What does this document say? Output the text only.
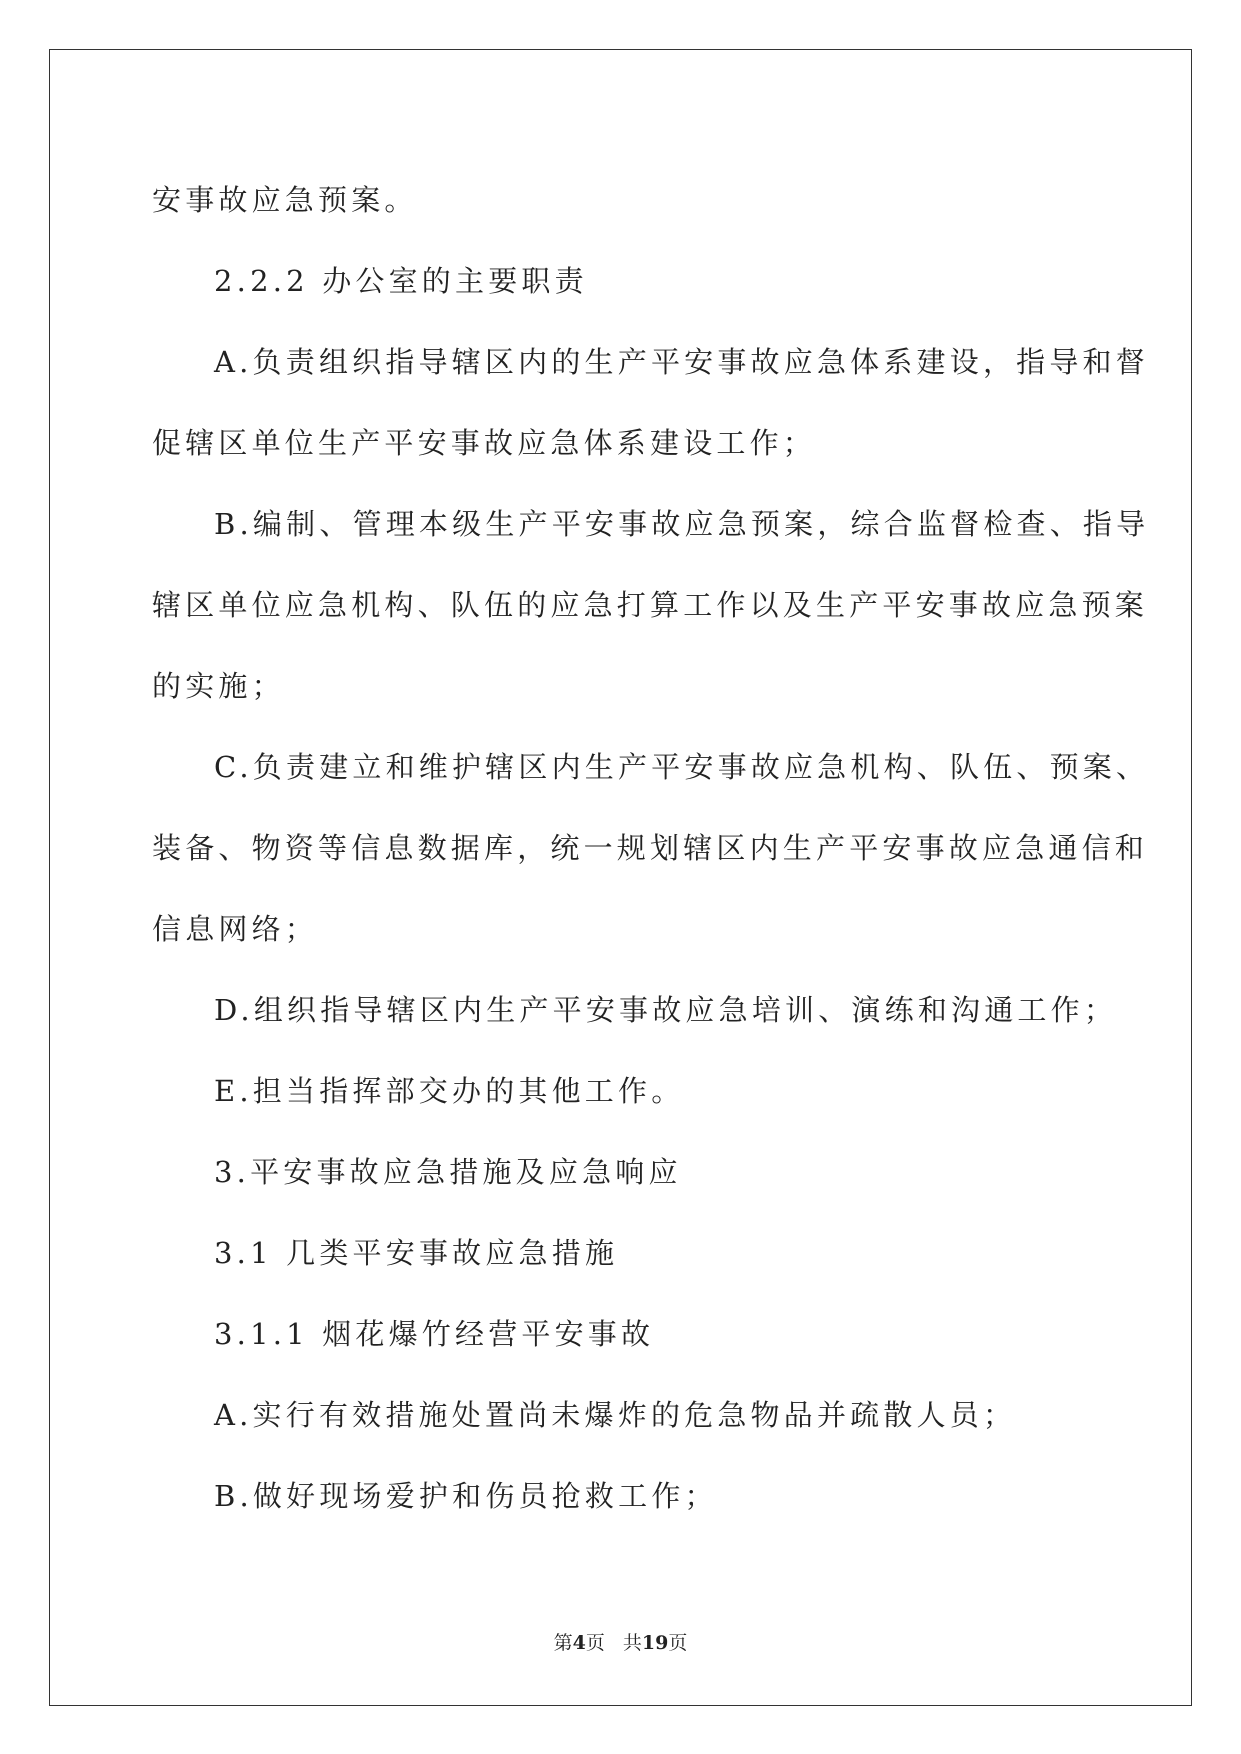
安事故应急预案。

2.2.2 办公室的主要职责

A.负责组织指导辖区内的生产平安事故应急体系建设，指导和督

促辖区单位生产平安事故应急体系建设工作；

B.编制、管理本级生产平安事故应急预案，综合监督检查、指导

辖区单位应急机构、队伍的应急打算工作以及生产平安事故应急预案

的实施；

C.负责建立和维护辖区内生产平安事故应急机构、队伍、预案、

装备、物资等信息数据库，统一规划辖区内生产平安事故应急通信和

信息网络；

D.组织指导辖区内生产平安事故应急培训、演练和沟通工作；

E.担当指挥部交办的其他工作。

3.平安事故应急措施及应急响应

3.1 几类平安事故应急措施

3.1.1 烟花爆竹经营平安事故

A.实行有效措施处置尚未爆炸的危急物品并疏散人员；

B.做好现场爱护和伤员抢救工作；

第4页 共19页
